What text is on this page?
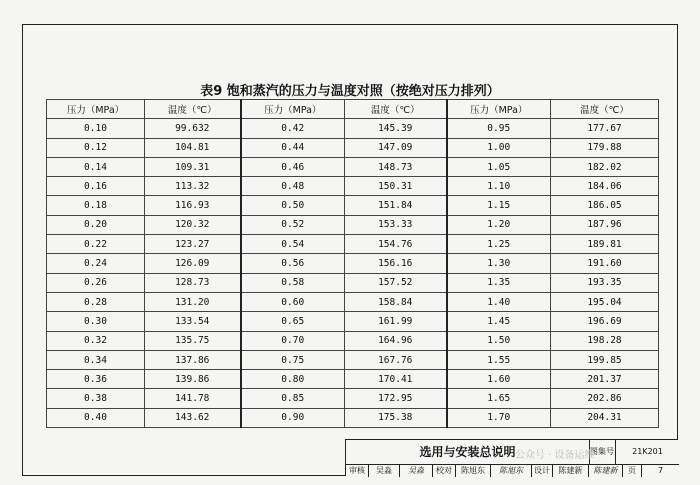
表9 饱和蒸汽的压力与温度对照（按绝对压力排列）
压力（MPa）	温度（℃）	压力（MPa）	温度（℃）	压力（MPa）	温度（℃）
0.10	99.632	0.42	145.39	0.95	177.67
0.12	104.81	0.44	147.09	1.00	179.88
0.14	109.31	0.46	148.73	1.05	182.02
0.16	113.32	0.48	150.31	1.10	184.06
0.18	116.93	0.50	151.84	1.15	186.05
0.20	120.32	0.52	153.33	1.20	187.96
0.22	123.27	0.54	154.76	1.25	189.81
0.24	126.09	0.56	156.16	1.30	191.60
0.26	128.73	0.58	157.52	1.35	193.35
0.28	131.20	0.60	158.84	1.40	195.04
0.30	133.54	0.65	161.99	1.45	196.69
0.32	135.75	0.70	164.96	1.50	198.28
0.34	137.86	0.75	167.76	1.55	199.85
0.36	139.86	0.80	170.41	1.60	201.37
0.38	141.78	0.85	172.95	1.65	202.86
0.40	143.62	0.90	175.38	1.70	204.31
选用与安装总说明	图集号	21K201
审核	吴淼	吴淼	校对	陈旭东	陈旭东	设计	陈建新	陈建新	页	7
公众号 · 设备运维
